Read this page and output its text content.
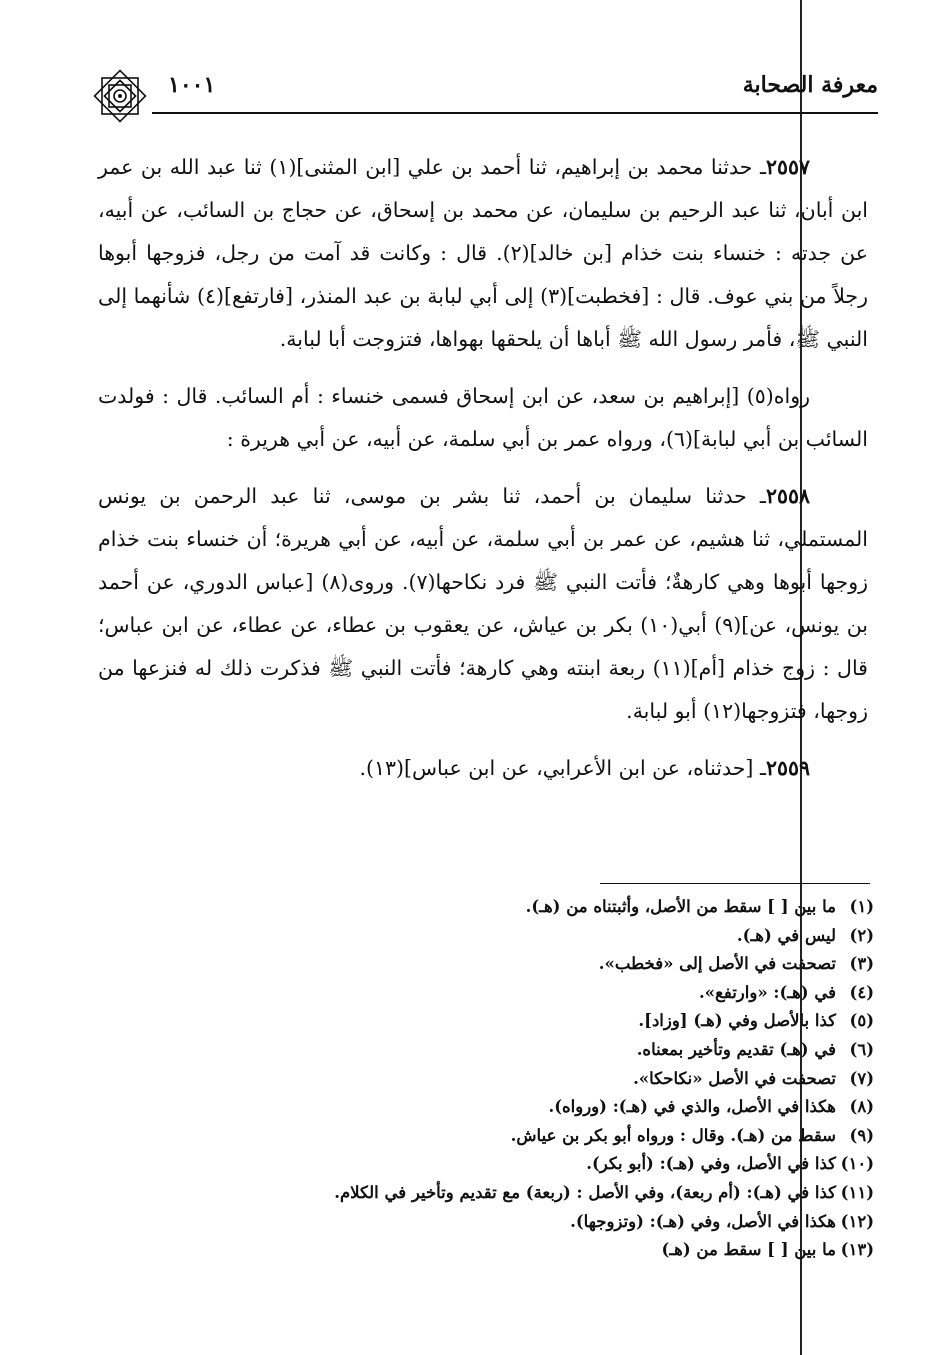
١٠٠١	معرفة الصحابة

٢٥٥٧ـ حدثنا محمد بن إبراهيم، ثنا أحمد بن علي [ابن المثنى](١) ثنا عبد الله بن عمر ابن أبان، ثنا عبد الرحيم بن سليمان، عن محمد بن إسحاق، عن حجاج بن السائب، عن أبيه، عن جدته : خنساء بنت خذام [بن خالد](٢). قال : وكانت قد آمت من رجل، فزوجها أبوها رجلاً من بني عوف. قال : [فخطبت](٣) إلى أبي لبابة بن عبد المنذر، [فارتفع](٤) شأنهما إلى النبي ﷺ، فأمر رسول الله ﷺ أباها أن يلحقها بهواها، فتزوجت أبا لبابة.

رواه(٥) [إبراهيم بن سعد، عن ابن إسحاق فسمى خنساء : أم السائب. قال : فولدت السائب بن أبي لبابة](٦)، ورواه عمر بن أبي سلمة، عن أبيه، عن أبي هريرة :

٢٥٥٨ـ حدثنا سليمان بن أحمد، ثنا بشر بن موسى، ثنا عبد الرحمن بن يونس المستملي، ثنا هشيم، عن عمر بن أبي سلمة، عن أبيه، عن أبي هريرة؛ أن خنساء بنت خذام زوجها أبوها وهي كارهةٌ؛ فأتت النبي ﷺ فرد نكاحها(٧). وروى(٨) [عباس الدوري، عن أحمد بن يونس، عن](٩) أبي(١٠) بكر بن عياش، عن يعقوب بن عطاء، عن عطاء، عن ابن عباس؛ قال : زوج خذام [أم](١١) ربعة ابنته وهي كارهة؛ فأتت النبي ﷺ فذكرت ذلك له فنزعها من زوجها، فتزوجها(١٢) أبو لبابة.

٢٥٥٩ـ [حدثناه، عن ابن الأعرابي، عن ابن عباس](١٣).

(١)ما بين [ ] سقط من الأصل، وأثبتناه من (هـ).
(٢)ليس في (هـ).
(٣)تصحفت في الأصل إلى «فخطب».
(٤)في (هـ): «وارتفع».
(٥)كذا بالأصل وفي (هـ) [وزاد].
(٦)في (هـ) تقديم وتأخير بمعناه.
(٧)تصحفت في الأصل «نكاحكا».
(٨)هكذا في الأصل، والذي في (هـ): (ورواه).
(٩)سقط من (هـ). وقال : ورواه أبو بكر بن عياش.
(١٠)كذا في الأصل، وفي (هـ): (أبو بكر).
(١١)كذا في (هـ): (أم ربعة)، وفي الأصل : (ربعة) مع تقديم وتأخير في الكلام.
(١٢)هكذا في الأصل، وفي (هـ): (وتزوجها).
(١٣)ما بين [ ] سقط من (هـ)
